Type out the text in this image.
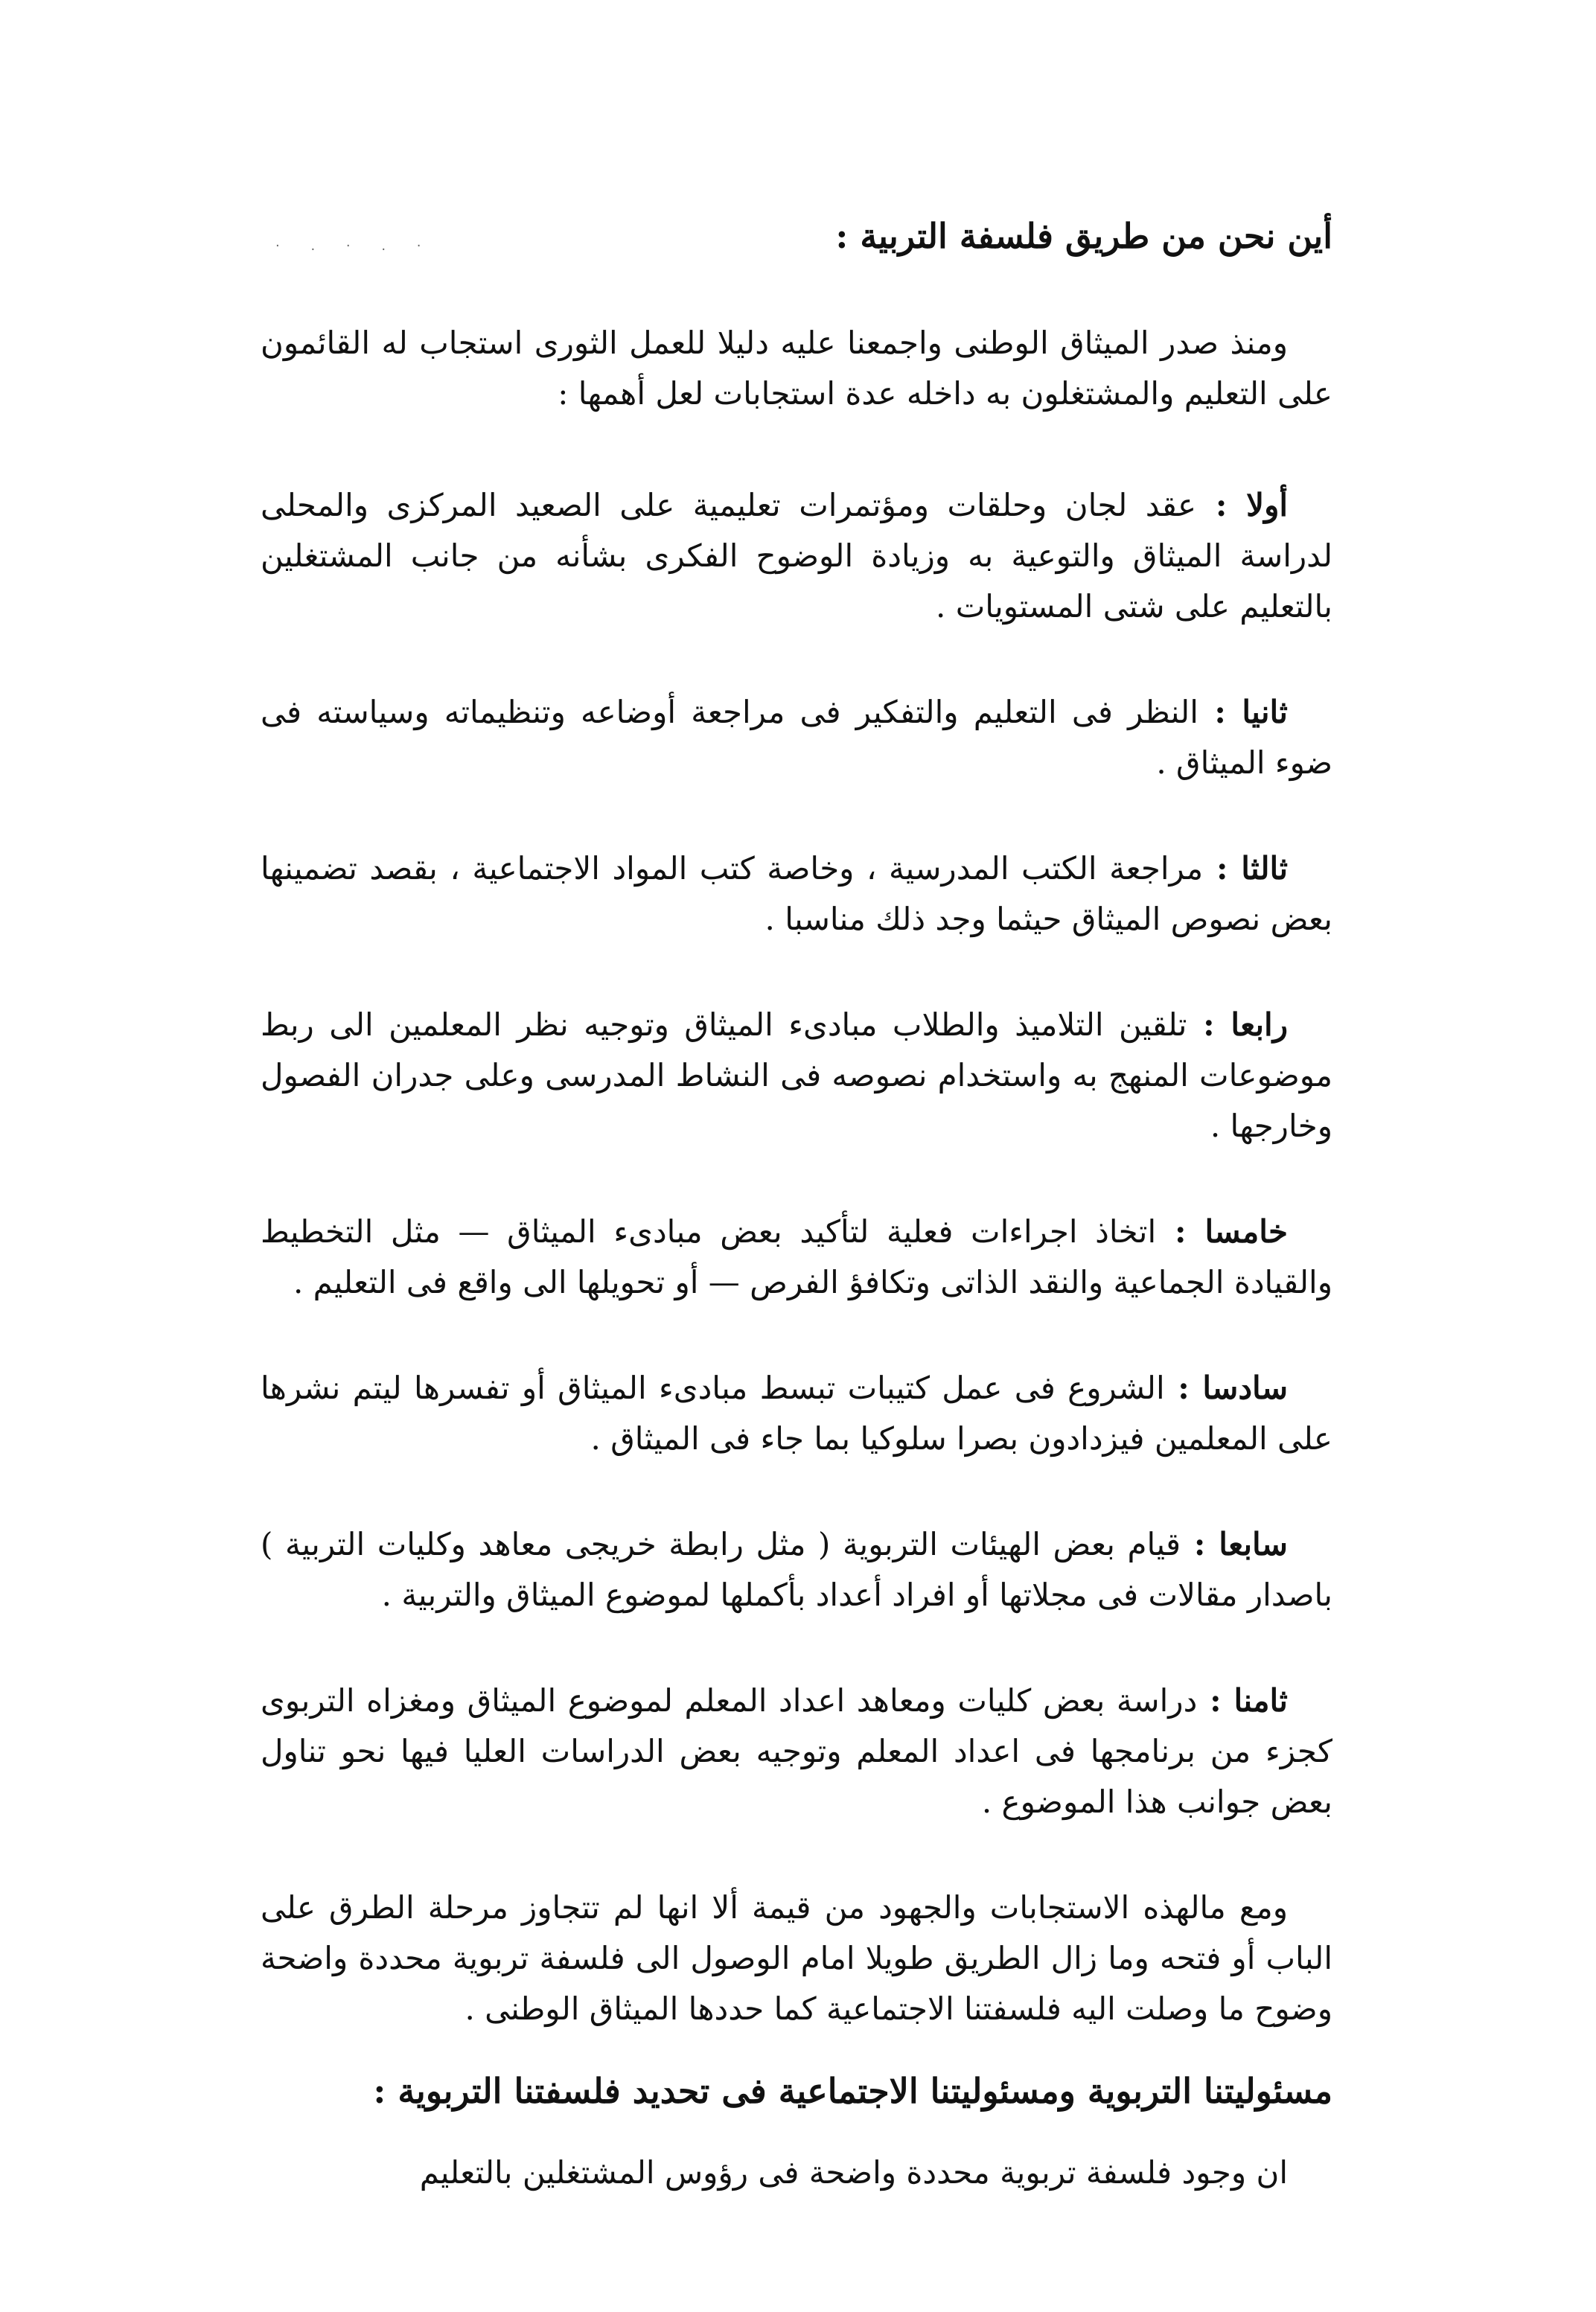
· . · . ·	أين نحن من طريق فلسفة التربية :

ومنذ صدر الميثاق الوطنى واجمعنا عليه دليلا للعمل الثورى استجاب له القائمون على التعليم والمشتغلون به داخله عدة استجابات لعل أهمها :

أولا : عقد لجان وحلقات ومؤتمرات تعليمية على الصعيد المركزى والمحلى لدراسة الميثاق والتوعية به وزيادة الوضوح الفكرى بشأنه من جانب المشتغلين بالتعليم على شتى المستويات .

ثانيا : النظر فى التعليم والتفكير فى مراجعة أوضاعه وتنظيماته وسياسته فى ضوء الميثاق .

ثالثا : مراجعة الكتب المدرسية ، وخاصة كتب المواد الاجتماعية ، بقصد تضمينها بعض نصوص الميثاق حيثما وجد ذلك مناسبا .

رابعا : تلقين التلاميذ والطلاب مبادىء الميثاق وتوجيه نظر المعلمين الى ربط موضوعات المنهج به واستخدام نصوصه فى النشاط المدرسى وعلى جدران الفصول وخارجها .

خامسا : اتخاذ اجراءات فعلية لتأكيد بعض مبادىء الميثاق — مثل التخطيط والقيادة الجماعية والنقد الذاتى وتكافؤ الفرص — أو تحويلها الى واقع فى التعليم .

سادسا : الشروع فى عمل كتيبات تبسط مبادىء الميثاق أو تفسرها ليتم نشرها على المعلمين فيزدادون بصرا سلوكيا بما جاء فى الميثاق .

سابعا : قيام بعض الهيئات التربوية ( مثل رابطة خريجى معاهد وكليات التربية ) باصدار مقالات فى مجلاتها أو افراد أعداد بأكملها لموضوع الميثاق والتربية .

ثامنا : دراسة بعض كليات ومعاهد اعداد المعلم لموضوع الميثاق ومغزاه التربوى كجزء من برنامجها فى اعداد المعلم وتوجيه بعض الدراسات العليا فيها نحو تناول بعض جوانب هذا الموضوع .

ومع مالهذه الاستجابات والجهود من قيمة ألا انها لم تتجاوز مرحلة الطرق على الباب أو فتحه وما زال الطريق طويلا امام الوصول الى فلسفة تربوية محددة واضحة وضوح ما وصلت اليه فلسفتنا الاجتماعية كما حددها الميثاق الوطنى .

مسئوليتنا التربوية ومسئوليتنا الاجتماعية فى تحديد فلسفتنا التربوية :

ان وجود فلسفة تربوية محددة واضحة فى رؤوس المشتغلين بالتعليم
